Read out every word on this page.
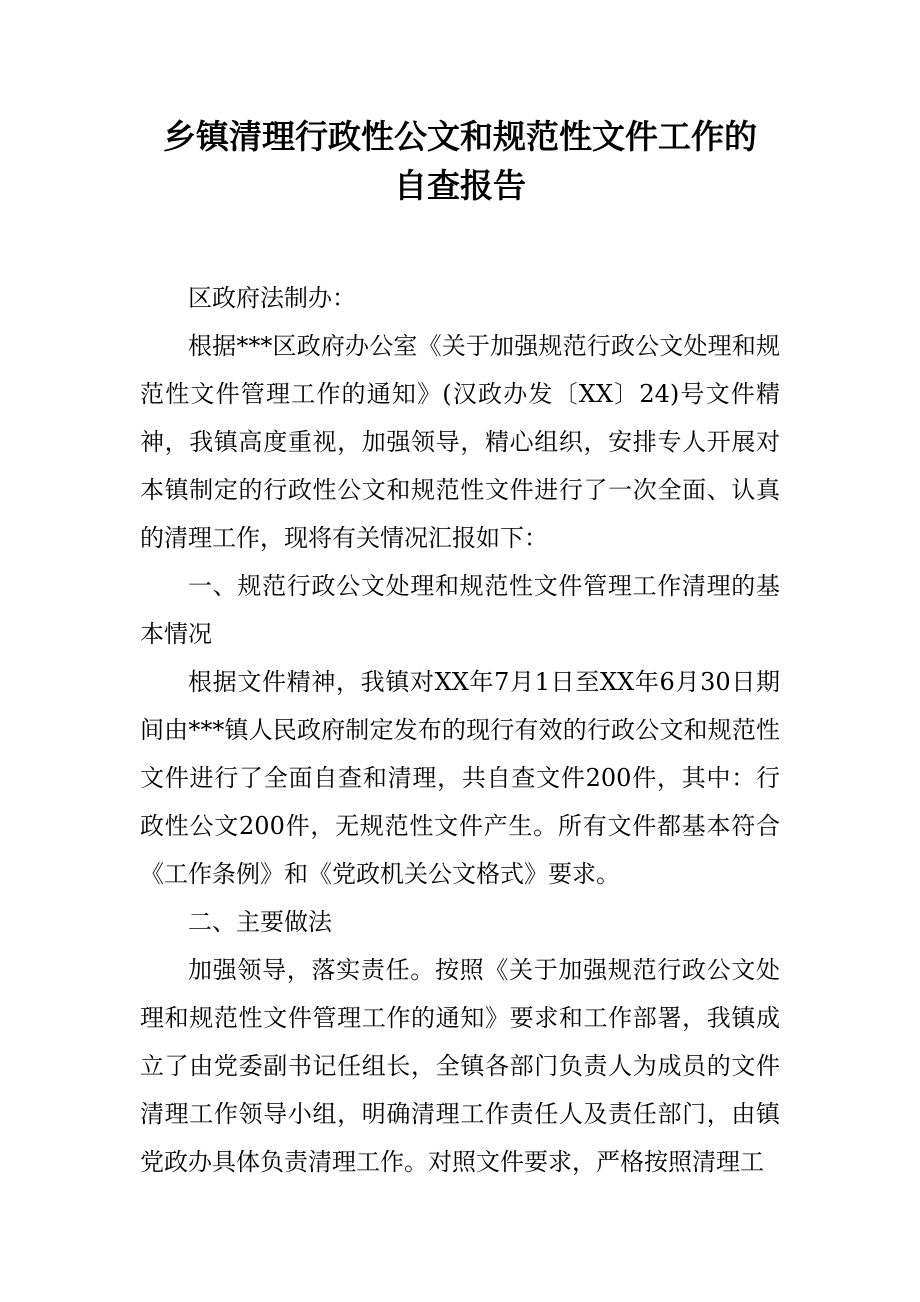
乡镇清理行政性公文和规范性文件工作的
自查报告

区政府法制办：

根据***区政府办公室《关于加强规范行政公文处理和规范性文件管理工作的通知》(汉政办发〔XX〕24)号文件精神，我镇高度重视，加强领导，精心组织，安排专人开展对本镇制定的行政性公文和规范性文件进行了一次全面、认真的清理工作，现将有关情况汇报如下：

一、规范行政公文处理和规范性文件管理工作清理的基本情况

根据文件精神，我镇对XX年7月1日至XX年6月30日期间由***镇人民政府制定发布的现行有效的行政公文和规范性文件进行了全面自查和清理，共自查文件200件，其中：行政性公文200件，无规范性文件产生。所有文件都基本符合《工作条例》和《党政机关公文格式》要求。

二、主要做法

加强领导，落实责任。按照《关于加强规范行政公文处理和规范性文件管理工作的通知》要求和工作部署，我镇成立了由党委副书记任组长，全镇各部门负责人为成员的文件清理工作领导小组，明确清理工作责任人及责任部门，由镇党政办具体负责清理工作。对照文件要求，严格按照清理工
